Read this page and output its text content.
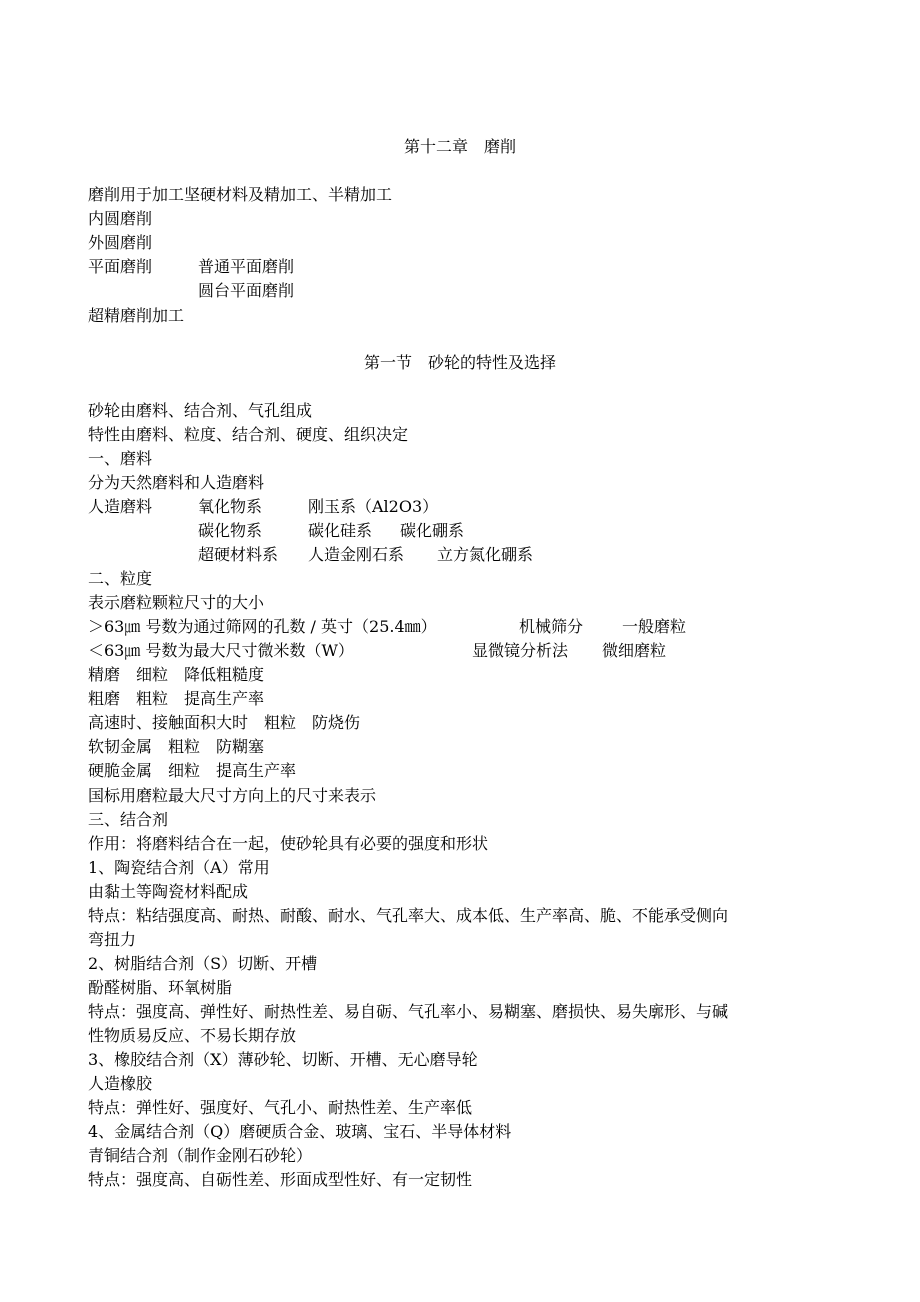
第十二章　磨削
磨削用于加工坚硬材料及精加工、半精加工
内圆磨削
外圆磨削
平面磨削	普通平面磨削
圆台平面磨削
超精磨削加工
第一节　砂轮的特性及选择
砂轮由磨料、结合剂、气孔组成
特性由磨料、粒度、结合剂、硬度、组织决定
一、磨料
分为天然磨料和人造磨料
人造磨料	氧化物系	刚玉系（Al2O3）
碳化物系	碳化硅系 碳化硼系
超硬材料系 人造金刚石系 立方氮化硼系
二、粒度
表示磨粒颗粒尺寸的大小
＞63㎛ 号数为通过筛网的孔数 / 英寸（25.4㎜）	机械筛分 一般磨粒
＜63㎛ 号数为最大尺寸微米数（W）	显微镜分析法 微细磨粒
精磨　细粒　降低粗糙度
粗磨　粗粒　提高生产率
高速时、接触面积大时　粗粒　防烧伤
软韧金属　粗粒　防糊塞
硬脆金属　细粒　提高生产率
国标用磨粒最大尺寸方向上的尺寸来表示
三、结合剂
作用：将磨料结合在一起，使砂轮具有必要的强度和形状
1、陶瓷结合剂（A）常用
由黏土等陶瓷材料配成
特点：粘结强度高、耐热、耐酸、耐水、气孔率大、成本低、生产率高、脆、不能承受侧向
弯扭力
2、树脂结合剂（S）切断、开槽
酚醛树脂、环氧树脂
特点：强度高、弹性好、耐热性差、易自砺、气孔率小、易糊塞、磨损快、易失廓形、与碱
性物质易反应、不易长期存放
3、橡胶结合剂（X）薄砂轮、切断、开槽、无心磨导轮
人造橡胶
特点：弹性好、强度好、气孔小、耐热性差、生产率低
4、金属结合剂（Q）磨硬质合金、玻璃、宝石、半导体材料
青铜结合剂（制作金刚石砂轮）
特点：强度高、自砺性差、形面成型性好、有一定韧性
